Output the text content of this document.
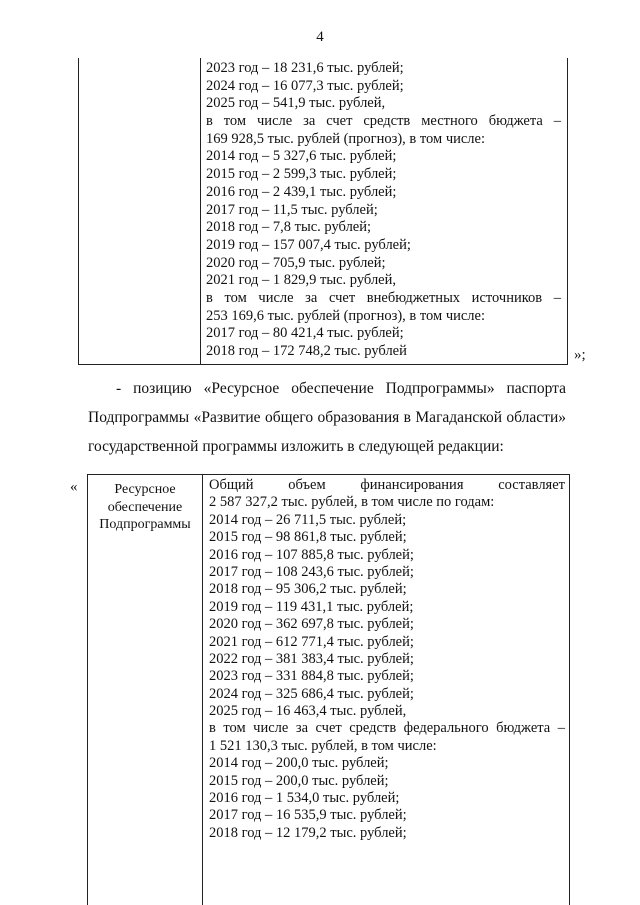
4
2023 год – 18 231,6 тыс. рублей;
2024 год – 16 077,3 тыс. рублей;
2025 год – 541,9 тыс. рублей,
в том числе за счет средств местного бюджета –
169 928,5 тыс. рублей (прогноз), в том числе:
2014 год – 5 327,6 тыс. рублей;
2015 год – 2 599,3 тыс. рублей;
2016 год – 2 439,1 тыс. рублей;
2017 год – 11,5 тыс. рублей;
2018 год – 7,8 тыс. рублей;
2019 год – 157 007,4 тыс. рублей;
2020 год – 705,9 тыс. рублей;
2021 год – 1 829,9 тыс. рублей,
в том числе за счет внебюджетных источников –
253 169,6 тыс. рублей (прогноз), в том числе:
2017 год – 80 421,4 тыс. рублей;
2018 год – 172 748,2 тыс. рублей	»;
- позицию «Ресурсное обеспечение Подпрограммы» паспорта
Подпрограммы «Развитие общего образования в Магаданской области»
государственной программы изложить в следующей редакции:
«	Ресурсное
обеспечение
Подпрограммы
Общий объем финансирования составляет
2 587 327,2 тыс. рублей, в том числе по годам:
2014 год – 26 711,5 тыс. рублей;
2015 год – 98 861,8 тыс. рублей;
2016 год – 107 885,8 тыс. рублей;
2017 год – 108 243,6 тыс. рублей;
2018 год – 95 306,2 тыс. рублей;
2019 год – 119 431,1 тыс. рублей;
2020 год – 362 697,8 тыс. рублей;
2021 год – 612 771,4 тыс. рублей;
2022 год – 381 383,4 тыс. рублей;
2023 год – 331 884,8 тыс. рублей;
2024 год – 325 686,4 тыс. рублей;
2025 год – 16 463,4 тыс. рублей,
в том числе за счет средств федерального бюджета –
1 521 130,3 тыс. рублей, в том числе:
2014 год – 200,0 тыс. рублей;
2015 год – 200,0 тыс. рублей;
2016 год – 1 534,0 тыс. рублей;
2017 год – 16 535,9 тыс. рублей;
2018 год – 12 179,2 тыс. рублей;
